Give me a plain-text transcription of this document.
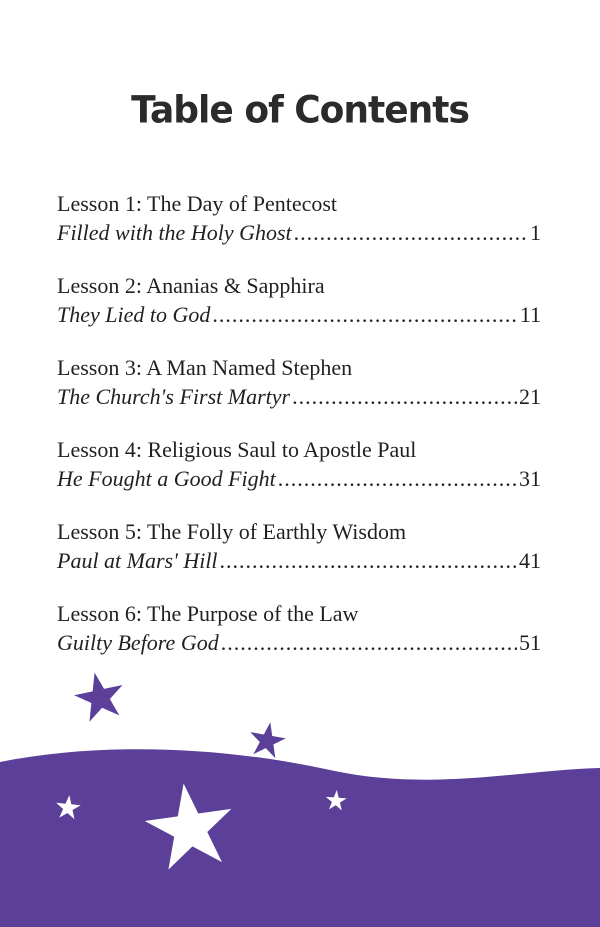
Table of Contents
Lesson 1: The Day of Pentecost
Filled with the Holy Ghost .....	1
Lesson 2: Ananias & Sapphira
They Lied to God .....	11
Lesson 3: A Man Named Stephen
The Church's First Martyr .....	21
Lesson 4: Religious Saul to Apostle Paul
He Fought a Good Fight .....	31
Lesson 5: The Folly of Earthly Wisdom
Paul at Mars' Hill .....	41
Lesson 6: The Purpose of the Law
Guilty Before God .....	51
